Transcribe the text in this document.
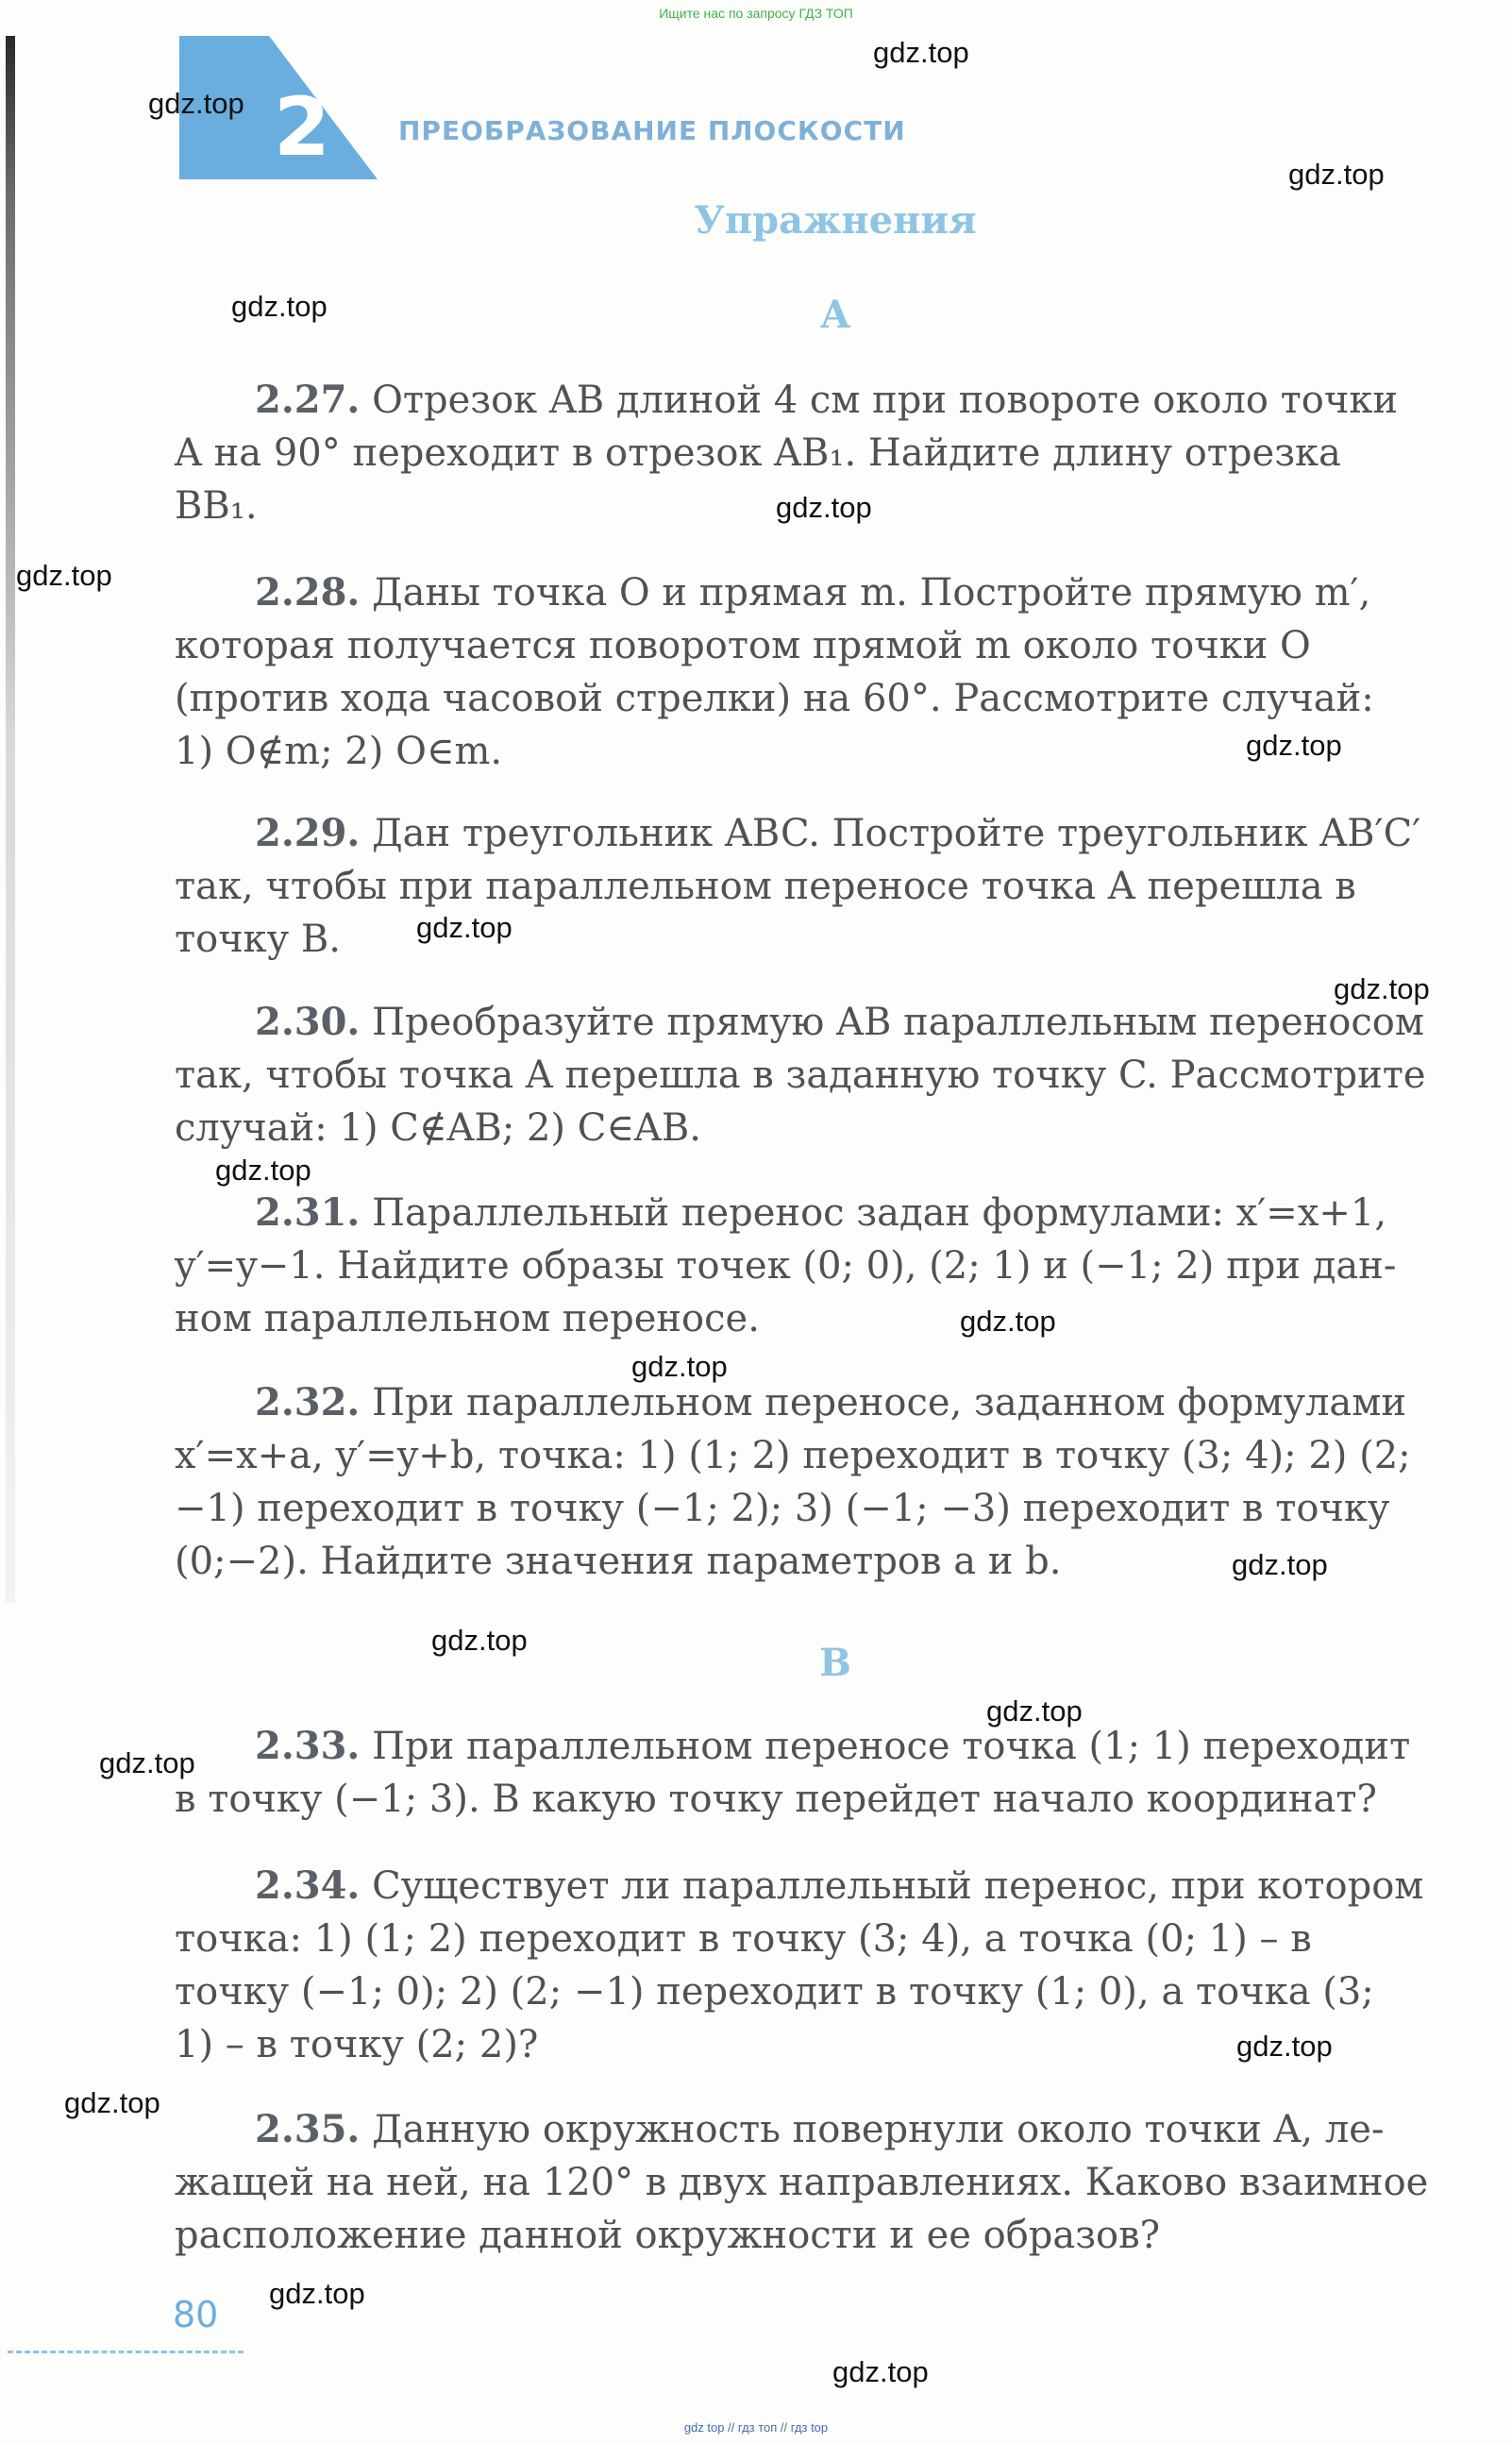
Ищите нас по запросу ГДЗ ТОП
2	ПРЕОБРАЗОВАНИЕ ПЛОСКОСТИ
Упражнения
A
2.27. Отрезок AB длиной 4 см при повороте около точки
A на 90° переходит в отрезок AB₁. Найдите длину отрезка
BB₁.
2.28. Даны точка O и прямая m. Постройте прямую m′,
которая получается поворотом прямой m около точки O
(против хода часовой стрелки) на 60°. Рассмотрите случай:
1) O∉m; 2) O∈m.
2.29. Дан треугольник ABC. Постройте треугольник AB′C′
так, чтобы при параллельном переносе точка A перешла в
точку B.
2.30. Преобразуйте прямую AB параллельным переносом
так, чтобы точка A перешла в заданную точку C. Рассмотрите
случай: 1) C∉AB; 2) C∈AB.
2.31. Параллельный перенос задан формулами: x′=x+1,
y′=y−1. Найдите образы точек (0; 0), (2; 1) и (−1; 2) при дан-
ном параллельном переносе.
2.32. При параллельном переносе, заданном формулами
x′=x+a, y′=y+b, точка: 1) (1; 2) переходит в точку (3; 4); 2) (2;
−1) переходит в точку (−1; 2); 3) (−1; −3) переходит в точку
(0;−2). Найдите значения параметров a и b.
B
2.33. При параллельном переносе точка (1; 1) переходит
в точку (−1; 3). В какую точку перейдет начало координат?
2.34. Существует ли параллельный перенос, при котором
точка: 1) (1; 2) переходит в точку (3; 4), а точка (0; 1) – в
точку (−1; 0); 2) (2; −1) переходит в точку (1; 0), а точка (3;
1) – в точку (2; 2)?
2.35. Данную окружность повернули около точки A, ле-
жащей на ней, на 120° в двух направлениях. Каково взаимное
расположение данной окружности и ее образов?
gdz.top
gdz.top
gdz.top
gdz.top
gdz.top
gdz.top
gdz.top
gdz.top
gdz.top
gdz.top
gdz.top
gdz.top
gdz.top
gdz.top
gdz.top
gdz.top
gdz.top
gdz.top
gdz.top
gdz.top
80
gdz top // гдз топ // гдз top
